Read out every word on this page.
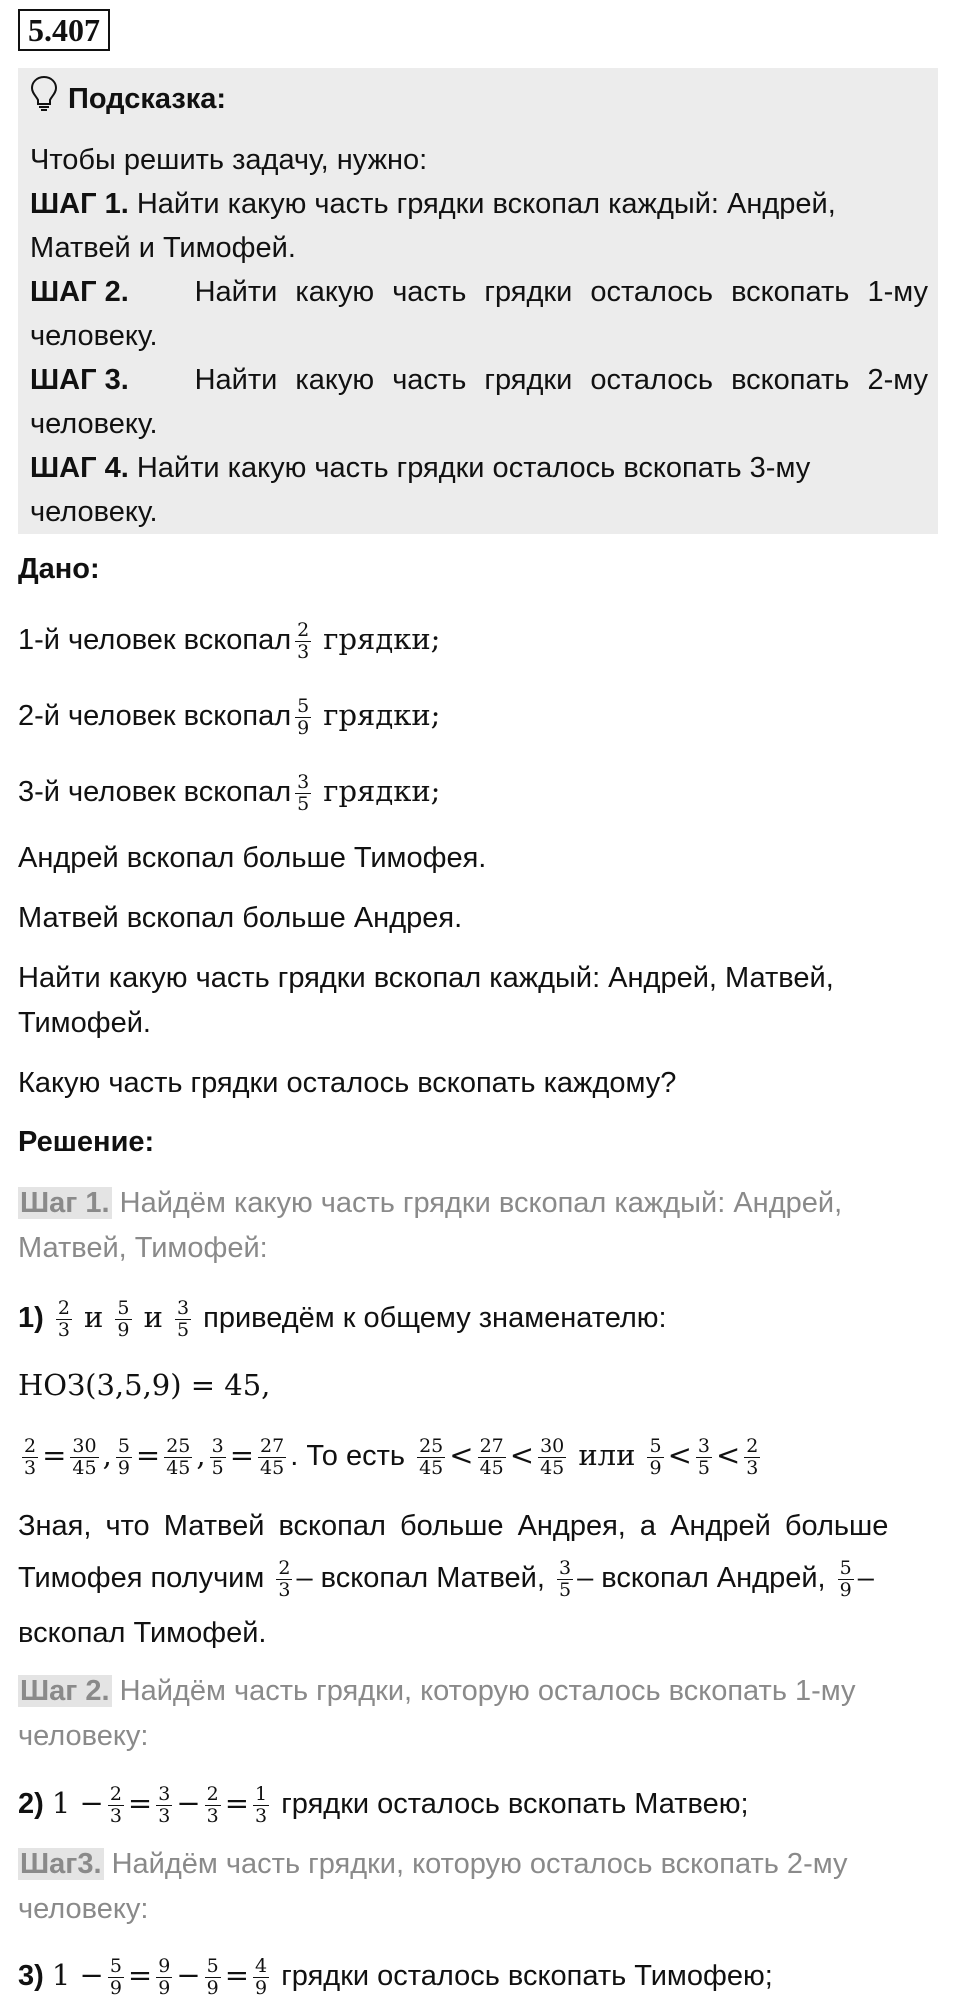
5.407
Подсказка:
Чтобы решить задачу, нужно:
ШАГ 1. Найти какую часть грядки вскопал каждый: Андрей,
Матвей и Тимофей.
ШАГ 2. Найти какую часть грядки осталось вскопать 1-му
человеку.
ШАГ 3. Найти какую часть грядки осталось вскопать 2-му
человеку.
ШАГ 4. Найти какую часть грядки осталось вскопать 3-му
человеку.
Дано:
1-й человек вскопал $\frac{2}{3}$ грядки;
2-й человек вскопал $\frac{5}{9}$ грядки;
3-й человек вскопал $\frac{3}{5}$ грядки;
Андрей вскопал больше Тимофея.
Матвей вскопал больше Андрея.
Найти какую часть грядки вскопал каждый: Андрей, Матвей,
Тимофей.
Какую часть грядки осталось вскопать каждому?
Решение:
Шаг 1. Найдём какую часть грядки вскопал каждый: Андрей,
Матвей, Тимофей:
$1) \frac{2}{3}$ и $\frac{5}{9}$ и $\frac{3}{5}$ приведём к общему знаменателю:
НОЗ(3,5,9) = 45,
$\frac{2}{3} = \frac{30}{45}$ , $\frac{5}{9} = \frac{25}{45}$ , $\frac{3}{5} = \frac{27}{45}$ . То есть $\frac{25}{45} < \frac{27}{45} < \frac{30}{45}$ или $\frac{5}{9} < \frac{3}{5} < \frac{2}{3}$
Зная, что Матвей вскопал больше Андрея, а Андрей больше
Тимофея получим $\frac{2}{3}$ – вскопал Матвей, $\frac{3}{5}$ – вскопал Андрей, $\frac{5}{9}$ –
вскопал Тимофей.
Шаг 2. Найдём часть грядки, которую осталось вскопать 1-му
человеку:
2) $1 - \frac{2}{3} = \frac{3}{3} - \frac{2}{3} = \frac{1}{3}$ грядки осталось вскопать Матвею;
Шаг3. Найдём часть грядки, которую осталось вскопать 2-му
человеку:
3) $1 - \frac{5}{9} = \frac{9}{9} - \frac{5}{9} = \frac{4}{9}$ грядки осталось вскопать Тимофею;
